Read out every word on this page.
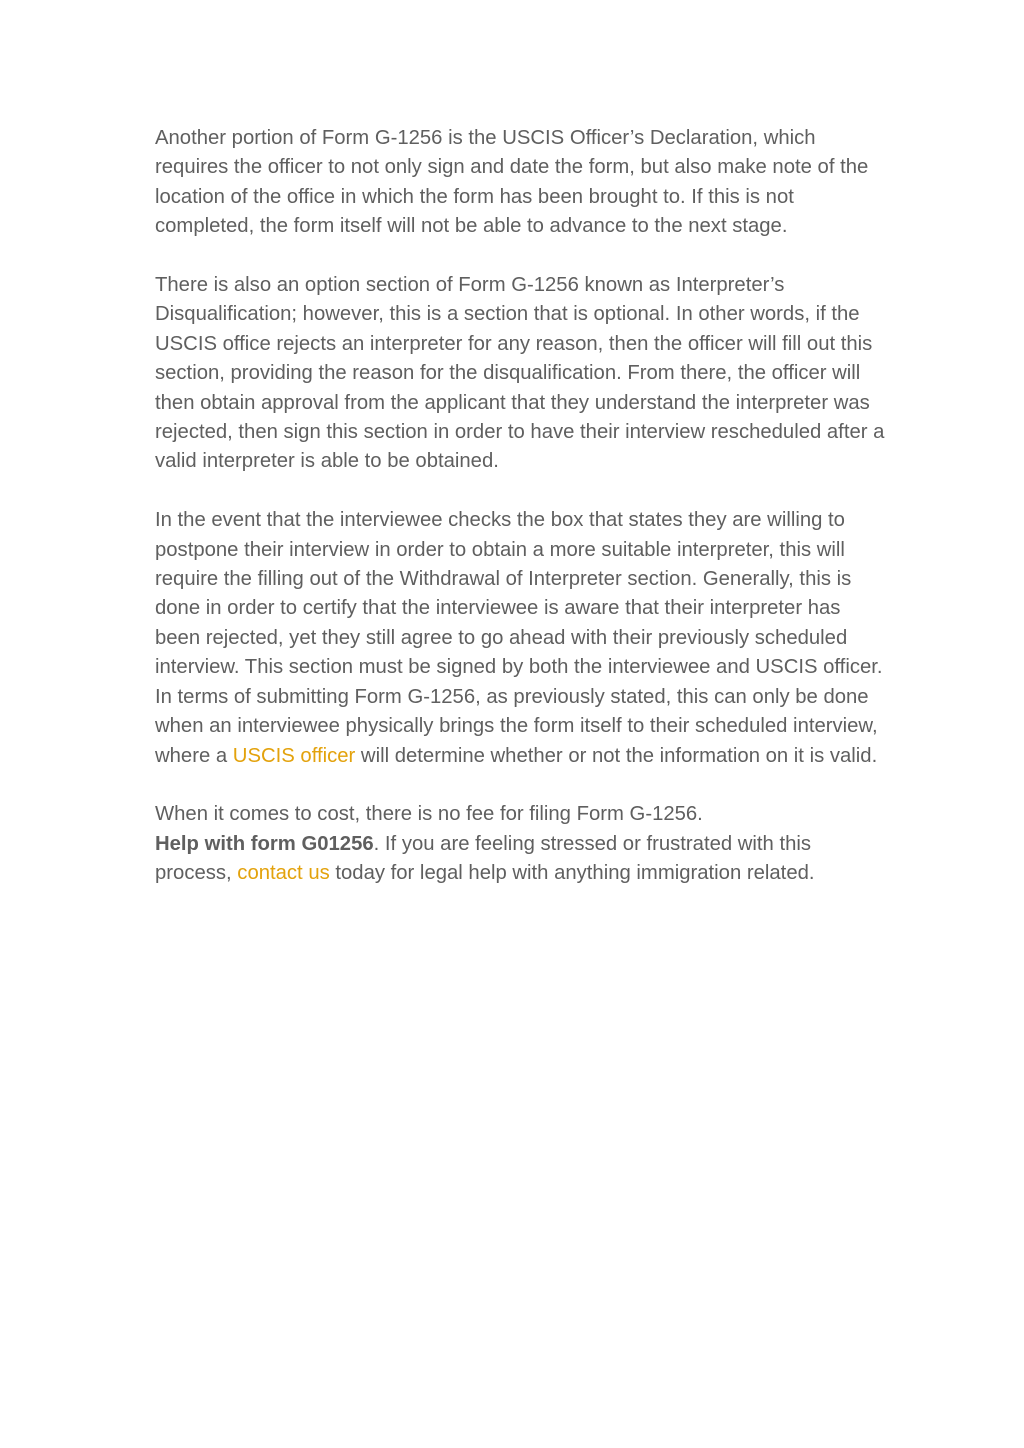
Another portion of Form G-1256 is the USCIS Officer’s Declaration, which requires the officer to not only sign and date the form, but also make note of the location of the office in which the form has been brought to. If this is not completed, the form itself will not be able to advance to the next stage.

There is also an option section of Form G-1256 known as Interpreter’s Disqualification; however, this is a section that is optional. In other words, if the USCIS office rejects an interpreter for any reason, then the officer will fill out this section, providing the reason for the disqualification. From there, the officer will then obtain approval from the applicant that they understand the interpreter was rejected, then sign this section in order to have their interview rescheduled after a valid interpreter is able to be obtained.

In the event that the interviewee checks the box that states they are willing to postpone their interview in order to obtain a more suitable interpreter, this will require the filling out of the Withdrawal of Interpreter section. Generally, this is done in order to certify that the interviewee is aware that their interpreter has been rejected, yet they still agree to go ahead with their previously scheduled interview. This section must be signed by both the interviewee and USCIS officer.

In terms of submitting Form G-1256, as previously stated, this can only be done when an interviewee physically brings the form itself to their scheduled interview, where a USCIS officer will determine whether or not the information on it is valid.

When it comes to cost, there is no fee for filing Form G-1256.

Help with form G01256. If you are feeling stressed or frustrated with this process, contact us today for legal help with anything immigration related.
